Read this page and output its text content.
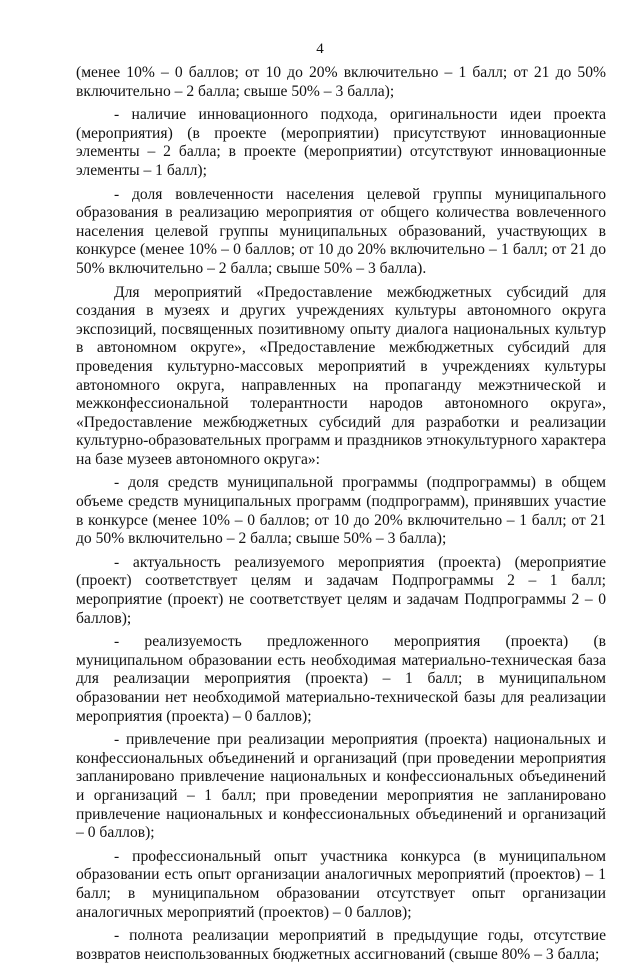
4

(менее 10% – 0 баллов; от 10 до 20% включительно – 1 балл; от 21 до 50% включительно – 2 балла; свыше 50% – 3 балла);

- наличие инновационного подхода, оригинальности идеи проекта (мероприятия) (в проекте (мероприятии) присутствуют инновационные элементы – 2 балла; в проекте (мероприятии) отсутствуют инновационные элементы – 1 балл);

- доля вовлеченности населения целевой группы муниципального образования в реализацию мероприятия от общего количества вовлеченного населения целевой группы муниципальных образований, участвующих в конкурсе (менее 10% – 0 баллов; от 10 до 20% включительно – 1 балл; от 21 до 50% включительно – 2 балла; свыше 50% – 3 балла).

Для мероприятий «Предоставление межбюджетных субсидий для создания в музеях и других учреждениях культуры автономного округа экспозиций, посвященных позитивному опыту диалога национальных культур в автономном округе», «Предоставление межбюджетных субсидий для проведения культурно-массовых мероприятий в учреждениях культуры автономного округа, направленных на пропаганду межэтнической и межконфессиональной толерантности народов автономного округа», «Предоставление межбюджетных субсидий для разработки и реализации культурно-образовательных программ и праздников этнокультурного характера на базе музеев автономного округа»:

- доля средств муниципальной программы (подпрограммы) в общем объеме средств муниципальных программ (подпрограмм), принявших участие в конкурсе (менее 10% – 0 баллов; от 10 до 20% включительно – 1 балл; от 21 до 50% включительно – 2 балла; свыше 50% – 3 балла);

- актуальность реализуемого мероприятия (проекта) (мероприятие (проект) соответствует целям и задачам Подпрограммы 2 – 1 балл; мероприятие (проект) не соответствует целям и задачам Подпрограммы 2 – 0 баллов);

- реализуемость предложенного мероприятия (проекта) (в муниципальном образовании есть необходимая материально-техническая база для реализации мероприятия (проекта) – 1 балл; в муниципальном образовании нет необходимой материально-технической базы для реализации мероприятия (проекта) – 0 баллов);

- привлечение при реализации мероприятия (проекта) национальных и конфессиональных объединений и организаций (при проведении мероприятия запланировано привлечение национальных и конфессиональных объединений и организаций – 1 балл; при проведении мероприятия не запланировано привлечение национальных и конфессиональных объединений и организаций – 0 баллов);

- профессиональный опыт участника конкурса (в муниципальном образовании есть опыт организации аналогичных мероприятий (проектов) – 1 балл; в муниципальном образовании отсутствует опыт организации аналогичных мероприятий (проектов) – 0 баллов);

- полнота реализации мероприятий в предыдущие годы, отсутствие возвратов неиспользованных бюджетных ассигнований (свыше 80% – 3 балла;
